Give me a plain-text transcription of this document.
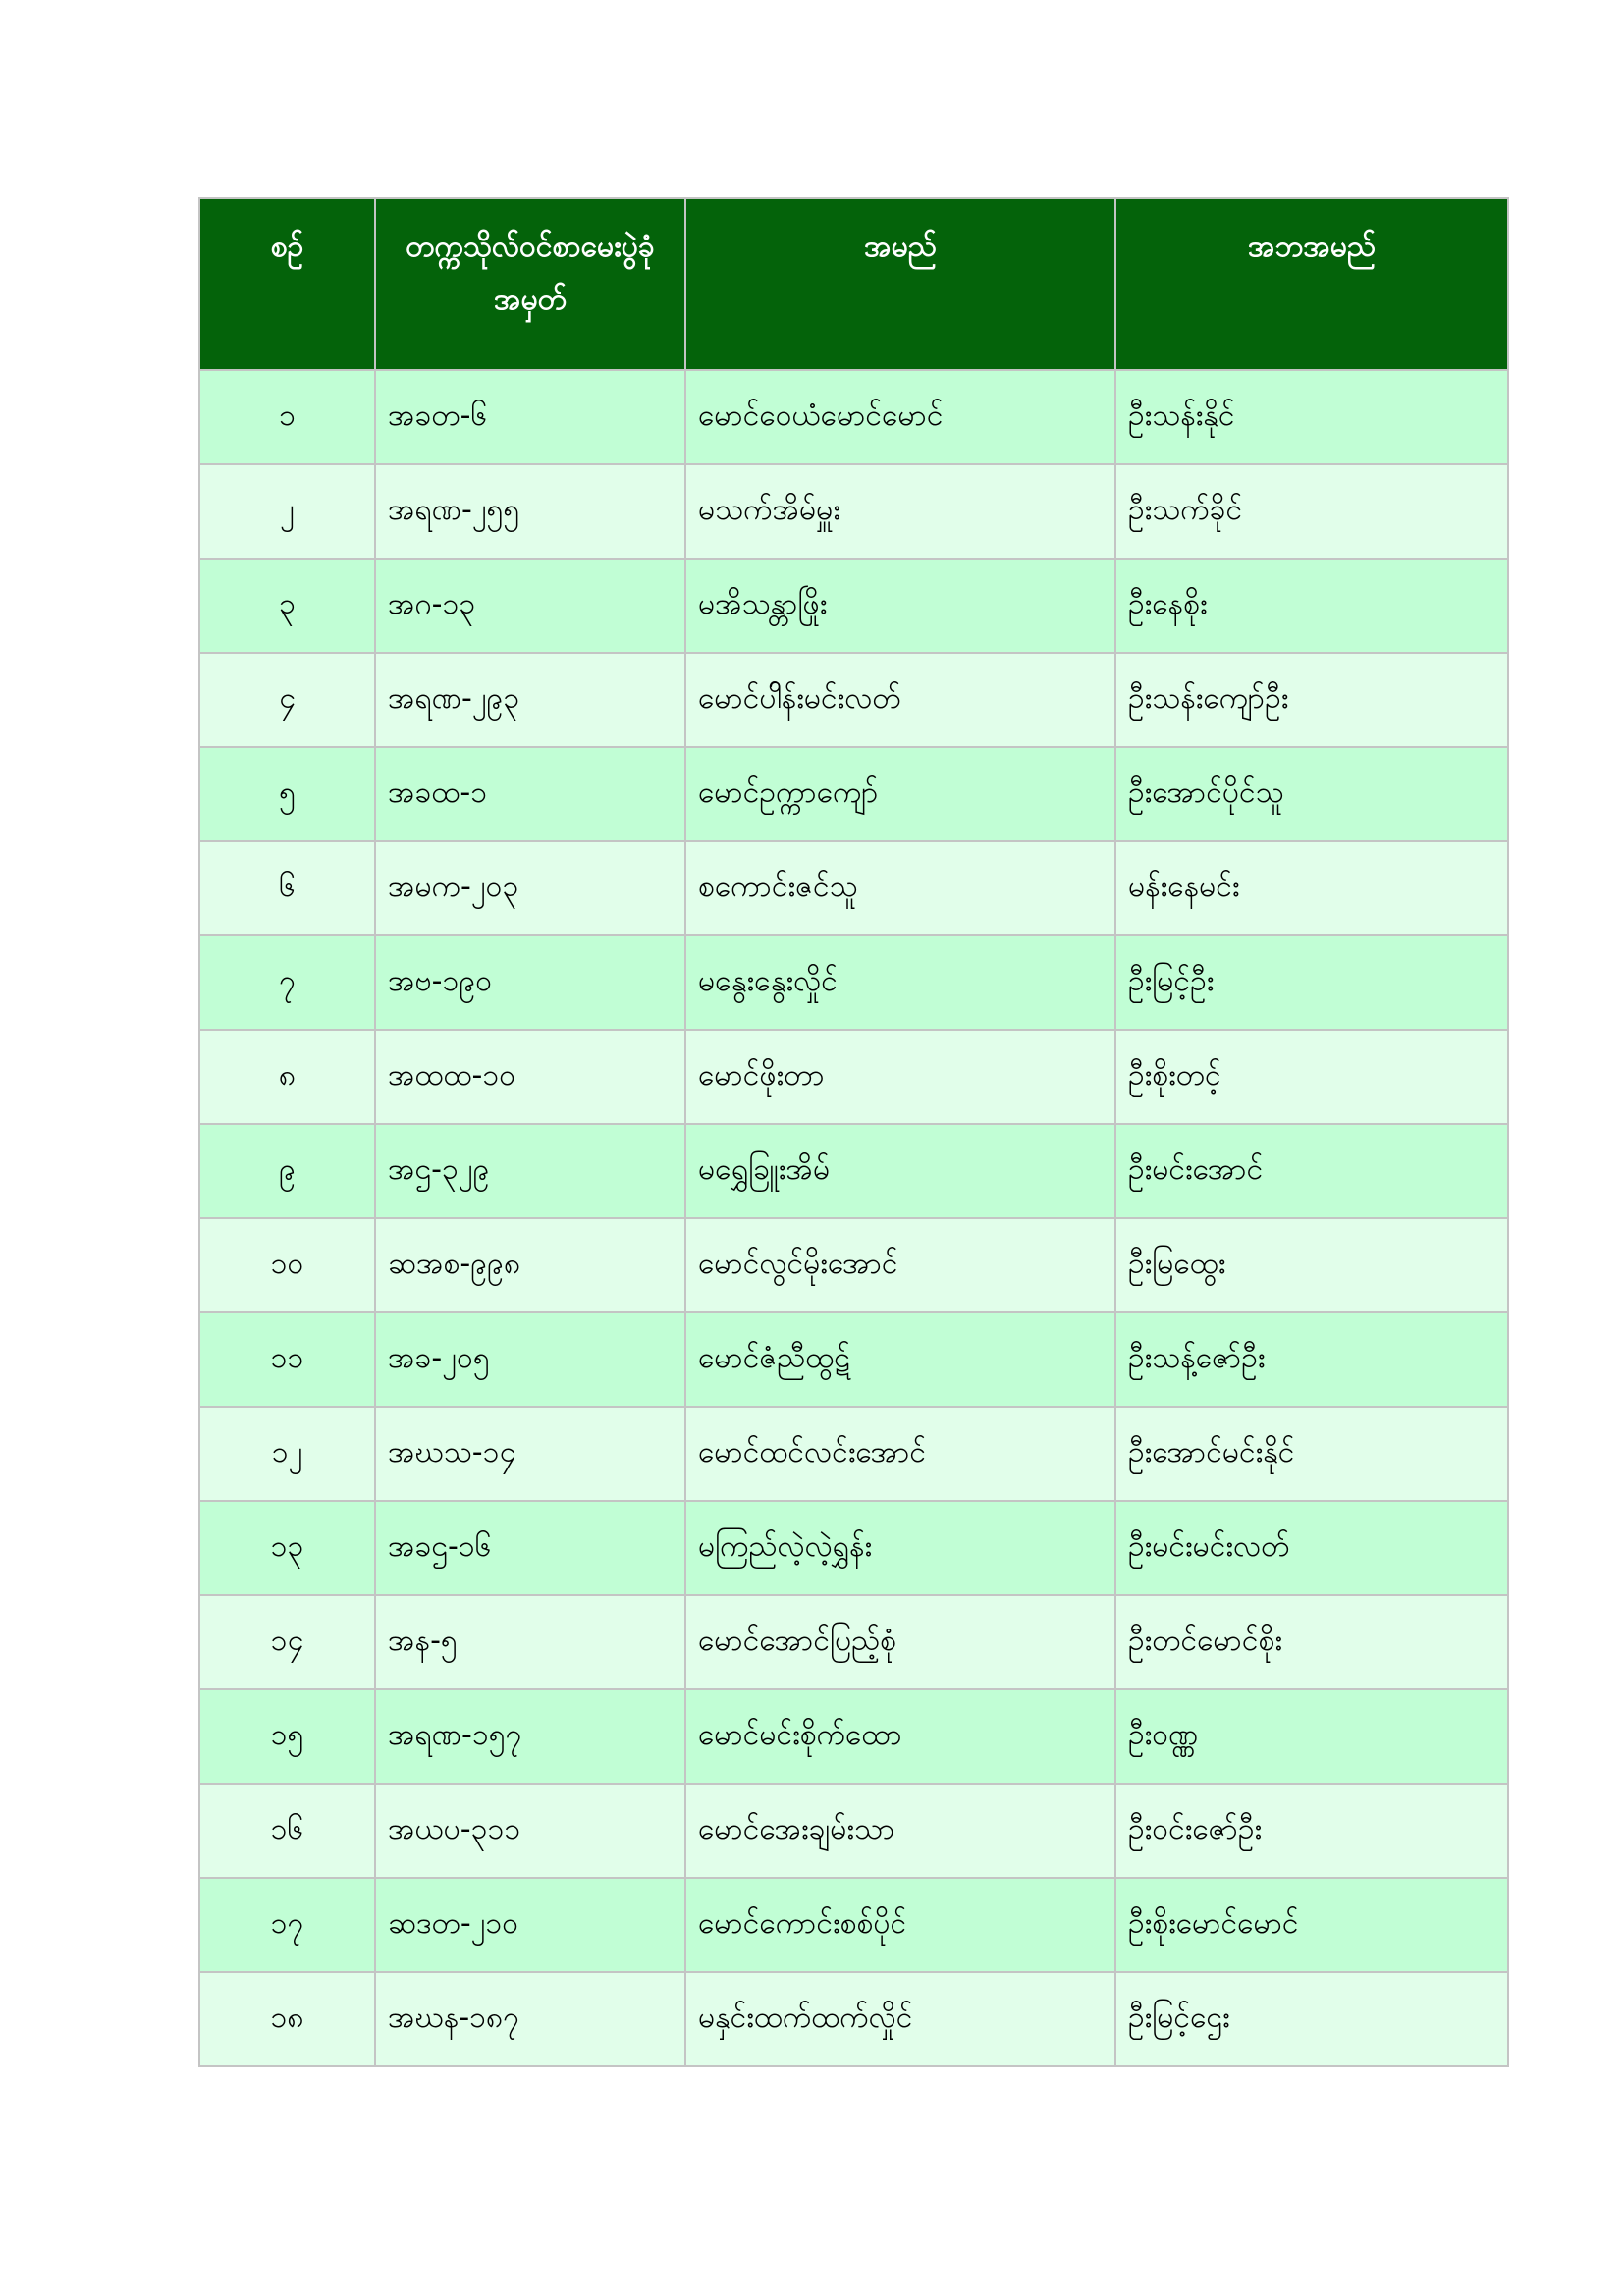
စဉ်	တက္ကသိုလ်ဝင်စာမေးပွဲခုံအမှတ်	အမည်	အဘအမည်
၁	အခတ-၆	မောင်ဝေယံမောင်မောင်	ဦးသန်းနိုင်
၂	အရဏ-၂၅၅	မသက်အိမ်မှူး	ဦးသက်ခိုင်
၃	အဂ-၁၃	မအိသန္တာဖြိုး	ဦးနေစိုး
၄	အရဏ-၂၉၃	မောင်ပါိန်းမင်းလတ်	ဦးသန်းကျော်ဦး
၅	အခထ-၁	မောင်ဥက္ကာကျော်	ဦးအောင်ပိုင်သူ
၆	အမက-၂၀၃	စကောင်းဇင်သူ	မန်းနေမင်း
၇	အဗ-၁၉၀	မနွေးနွေးလှိုင်	ဦးမြင့်ဦး
၈	အထထ-၁၀	မောင်ဖိုးတာ	ဦးစိုးတင့်
၉	အဌ-၃၂၉	မရွှေခြူးအိမ်	ဦးမင်းအောင်
၁၀	ဆအစ-၉၉၈	မောင်လွင်မိုးအောင်	ဦးမြထွေး
၁၁	အခ-၂၀၅	မောင်ဇံညီထွဋ်	ဦးသန့်ဇော်ဦး
၁၂	အဃသ-၁၄	မောင်ထင်လင်းအောင်	ဦးအောင်မင်းနိုင်
၁၃	အခဌ-၁၆	မကြည်လဲ့လဲ့ရွှန်း	ဦးမင်းမင်းလတ်
၁၄	အန-၅	မောင်အောင်ပြည့်စုံ	ဦးတင်မောင်စိုး
၁၅	အရဏ-၁၅၇	မောင်မင်းစိုက်ထော	ဦးဝဏ္ဏ
၁၆	အယပ-၃၁၁	မောင်အေးချမ်းသာ	ဦးဝင်းဇော်ဦး
၁၇	ဆဒတ-၂၁၀	မောင်ကောင်းစစ်ပိုင်	ဦးစိုးမောင်မောင်
၁၈	အဃန-၁၈၇	မနှင်းထက်ထက်လှိုင်	ဦးမြင့်ဌေး
